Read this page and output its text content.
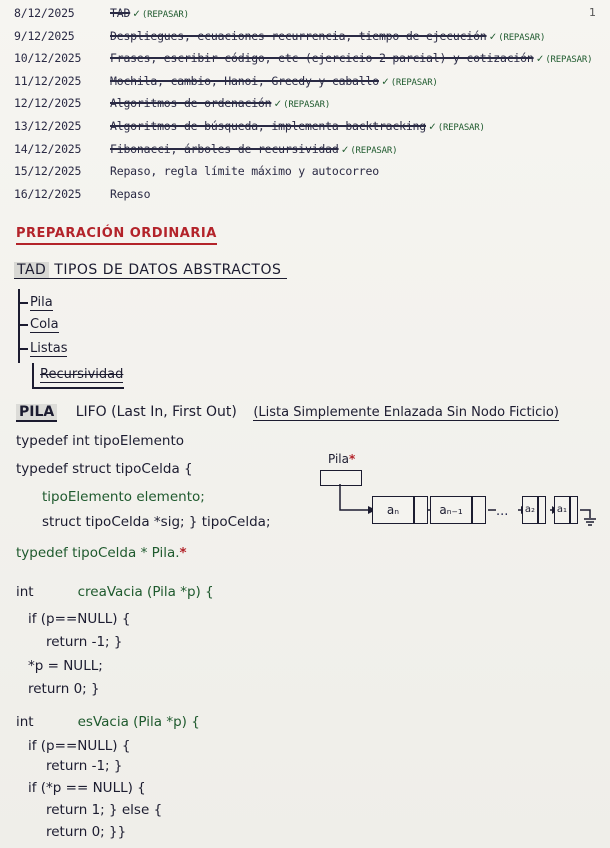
1
8/12/2025	TAD ✓ (REPASAR)
9/12/2025	Despliegues, ecuaciones recurrencia, tiempo de ejecución ✓ (REPASAR)
10/12/2025	Frases, escribir código, etc (ejercicio 2 parcial) y cotización ✓ (REPASAR)
11/12/2025	Mochila, cambio, Hanoi, Greedy y caballo ✓ (REPASAR)
12/12/2025	Algoritmos de ordenación ✓ (REPASAR)
13/12/2025	Algoritmos de búsqueda, implementa backtracking ✓ (REPASAR)
14/12/2025	Fibonacci, árboles de recursividad ✓ (REPASAR)
15/12/2025	Repaso, regla límite máximo y autocorreo
16/12/2025	Repaso
PREPARACIÓN ORDINARIA
TAD TIPOS DE DATOS ABSTRACTOS
Pila
Cola
Listas
Recursividad
PILA LIFO (Last In, First Out) (Lista Simplemente Enlazada Sin Nodo Ficticio)
typedef int tipoElemento
typedef struct tipoCelda {
tipoElemento elemento;
struct tipoCelda *sig; } tipoCelda;
typedef tipoCelda * Pila.*
int	creaVacia (Pila *p) {
if (p==NULL) {
return -1; }
*p = NULL;
return 0; }
int	esVacia (Pila *p) {
if (p==NULL) {
return -1; }
if (*p == NULL) {
return 1; } else {
return 0; }}
Pila*
aₙ	aₙ₋₁	... a₂ a₁
